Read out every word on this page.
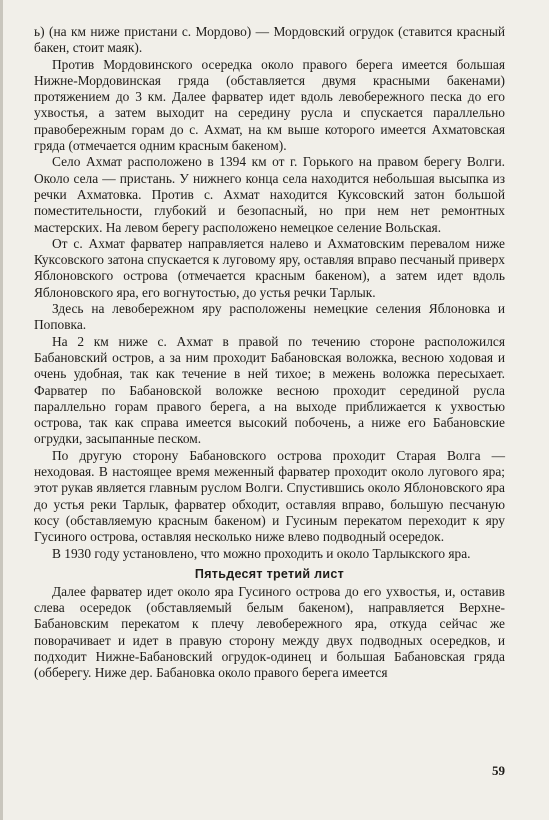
ь) (на км ниже пристани с. Мордово) — Мордовский огрудок (ставится красный бакен, стоит маяк).

Против Мордовинского осередка около правого берега имеется большая Нижне-Мордовинская гряда (обставляется двумя красными бакенами) протяжением до 3 км. Далее фарватер идет вдоль левобережного песка до его ухвостья, а затем выходит на середину русла и спускается параллельно правобережным горам до с. Ахмат, на км выше которого имеется Ахматовская гряда (отмечается одним красным бакеном).

Село Ахмат расположено в 1394 км от г. Горького на правом берегу Волги. Около села — пристань. У нижнего конца села находится небольшая высыпка из речки Ахматовка. Против с. Ахмат находится Куксовский затон большой поместительности, глубокий и безопасный, но при нем нет ремонтных мастерских. На левом берегу расположено немецкое селение Вольская.

От с. Ахмат фарватер направляется налево и Ахматовским перевалом ниже Куксовского затона спускается к луговому яру, оставляя вправо песчаный приверх Яблоновского острова (отмечается красным бакеном), а затем идет вдоль Яблоновского яра, его вогнутостью, до устья речки Тарлык.

Здесь на левобережном яру расположены немецкие селения Яблоновка и Поповка.

На 2 км ниже с. Ахмат в правой по течению стороне расположился Бабановский остров, а за ним проходит Бабановская воложка, весною ходовая и очень удобная, так как течение в ней тихое; в межень воложка пересыхает. Фарватер по Бабановской воложке весною проходит серединой русла параллельно горам правого берега, а на выходе приближается к ухвостью острова, так как справа имеется высокий побочень, а ниже его Бабановские огрудки, засыпанные песком.

По другую сторону Бабановского острова проходит Старая Волга — неходовая. В настоящее время меженный фарватер проходит около лугового яра; этот рукав является главным руслом Волги. Спустившись около Яблоновского яра до устья реки Тарлык, фарватер обходит, оставляя вправо, большую песчаную косу (обставляемую красным бакеном) и Гусиным перекатом переходит к яру Гусиного острова, оставляя несколько ниже влево подводный осередок.

В 1930 году установлено, что можно проходить и около Тарлыкского яра.

Пятьдесят третий лист

Далее фарватер идет около яра Гусиного острова до его ухвостья, и, оставив слева осередок (обставляемый белым бакеном), направляется Верхне-Бабановским перекатом к плечу левобережного яра, откуда сейчас же поворачивает и идет в правую сторону между двух подводных осередков, и подходит Нижне-Бабановский огрудок-одинец и большая Бабановская гряда (обберегу. Ниже дер. Бабановка около правого берега имеется

59
